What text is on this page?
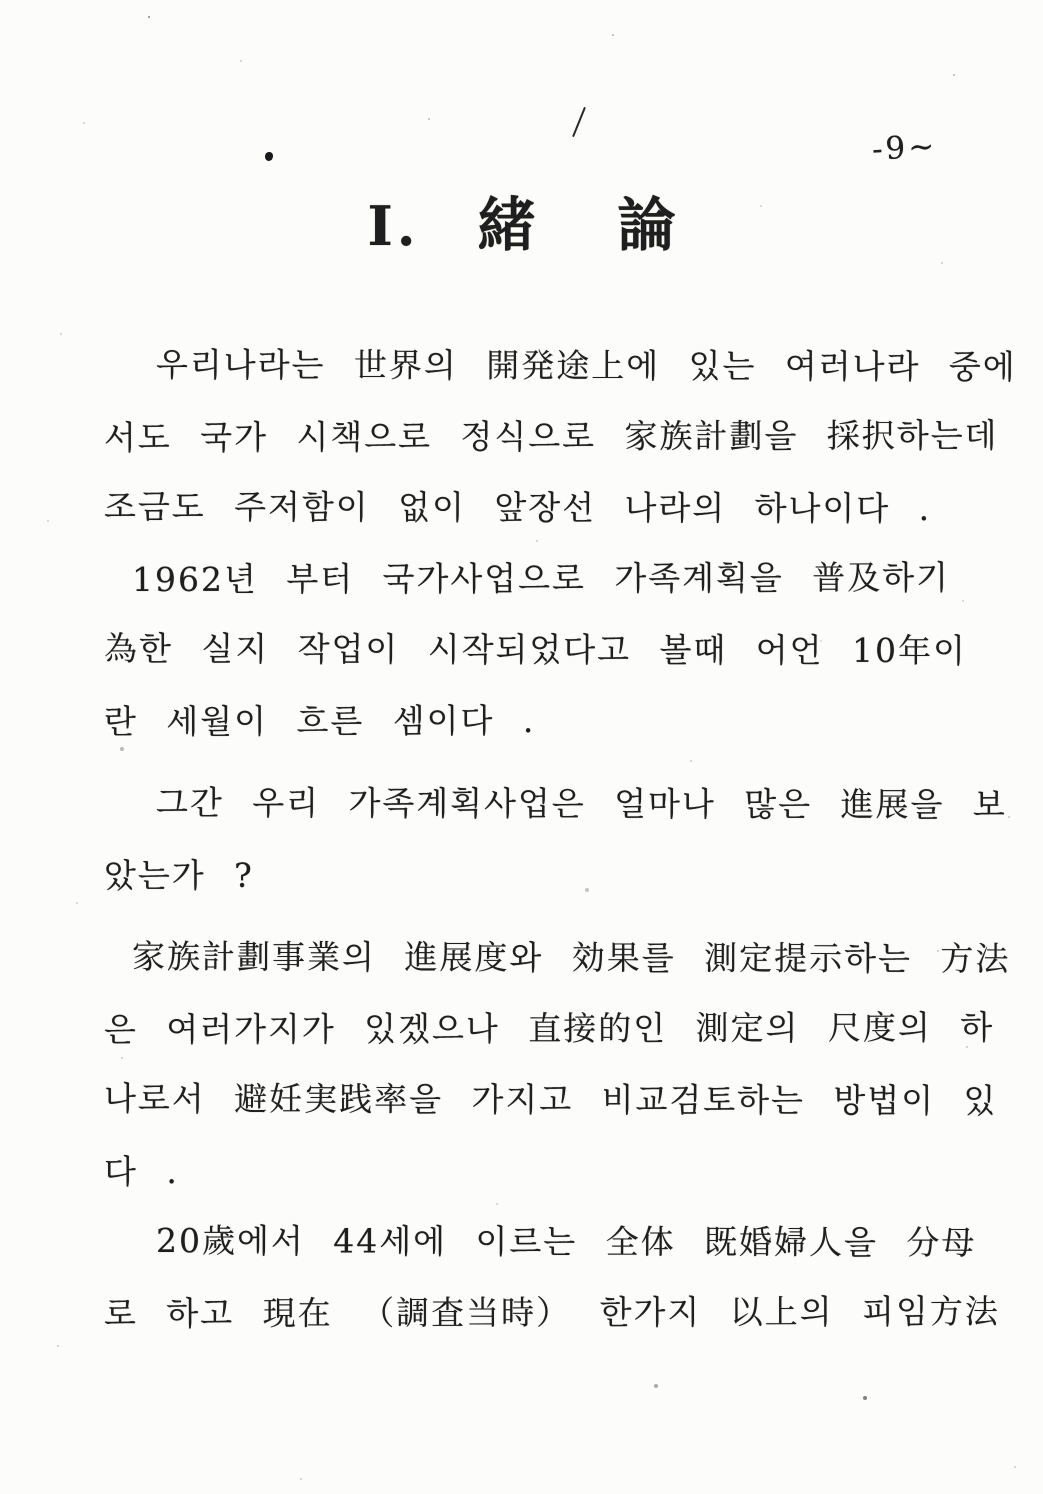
-9~
Ⅰ. 緒論

우리나라는 世界의 開発途上에 있는 여러나라 중에

서도 국가 시책으로 정식으로 家族計劃을 採択하는데

조금도 주저함이 없이 앞장선 나라의 하나이다 .

1962년 부터 국가사업으로 가족계획을 普及하기

為한 실지 작업이 시작되었다고 볼때 어언 10年이

란 세월이 흐른 셈이다 .

그간 우리 가족계획사업은 얼마나 많은 進展을 보

았는가 ?

家族計劃事業의 進展度와 効果를 測定提示하는 方法

은 여러가지가 있겠으나 直接的인 測定의 尺度의 하

나로서 避妊実践率을 가지고 비교검토하는 방법이 있

다 .

20歲에서 44세에 이르는 全体 既婚婦人을 分母

로 하고 現在 （調査当時） 한가지 以上의 피임方法
